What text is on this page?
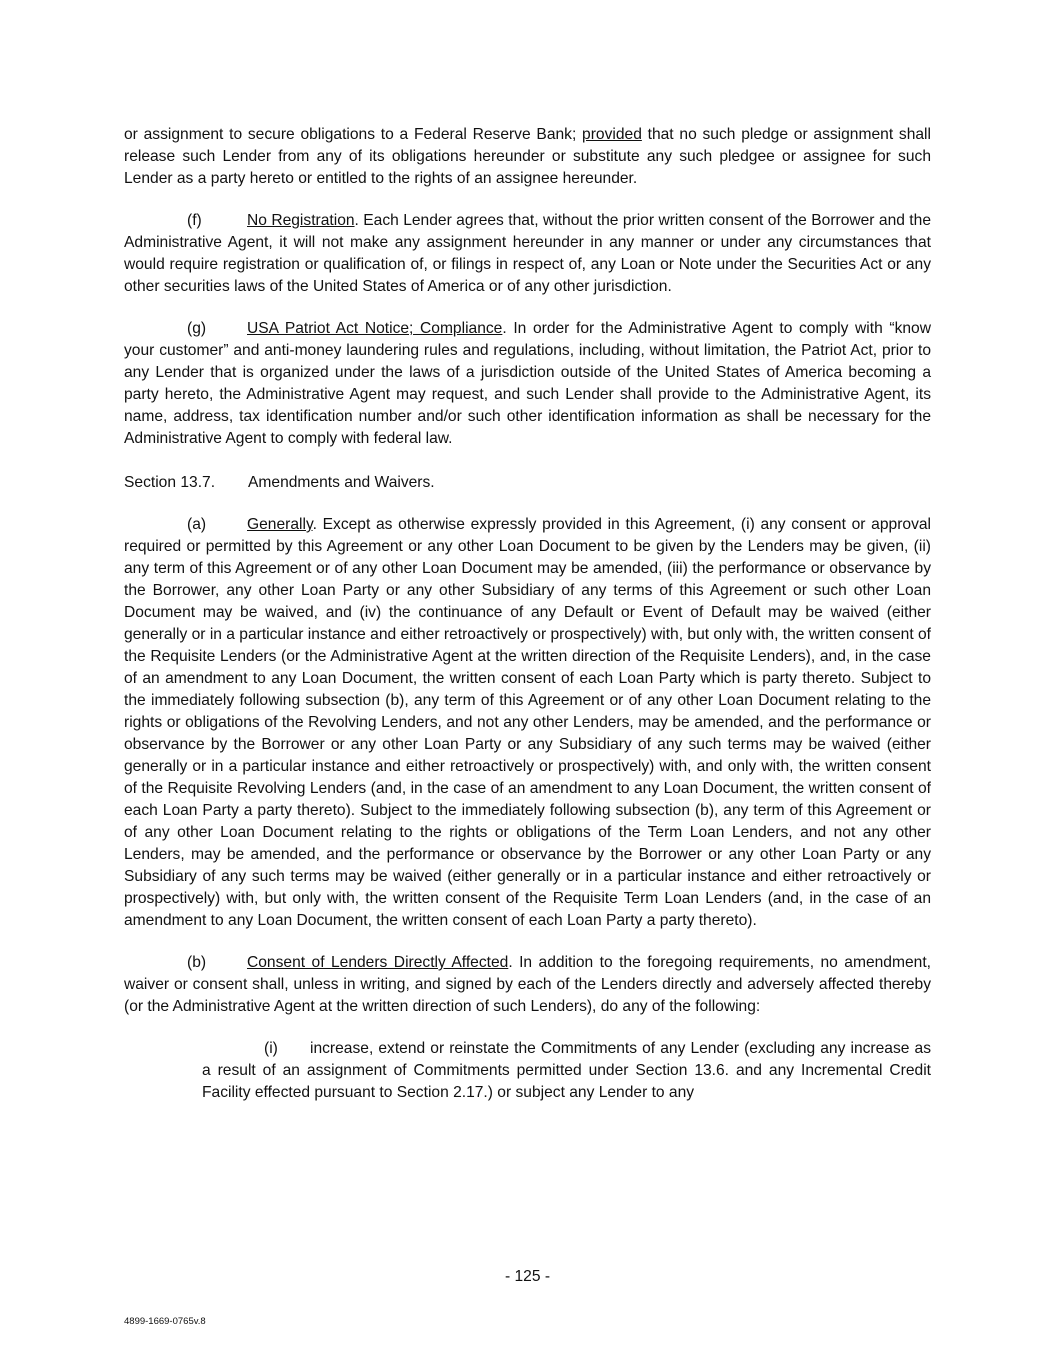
or assignment to secure obligations to a Federal Reserve Bank; provided that no such pledge or assignment shall release such Lender from any of its obligations hereunder or substitute any such pledgee or assignee for such Lender as a party hereto or entitled to the rights of an assignee hereunder.

(f)	No Registration. Each Lender agrees that, without the prior written consent of the Borrower and the Administrative Agent, it will not make any assignment hereunder in any manner or under any circumstances that would require registration or qualification of, or filings in respect of, any Loan or Note under the Securities Act or any other securities laws of the United States of America or of any other jurisdiction.

(g)	USA Patriot Act Notice; Compliance. In order for the Administrative Agent to comply with “know your customer” and anti-money laundering rules and regulations, including, without limitation, the Patriot Act, prior to any Lender that is organized under the laws of a jurisdiction outside of the United States of America becoming a party hereto, the Administrative Agent may request, and such Lender shall provide to the Administrative Agent, its name, address, tax identification number and/or such other identification information as shall be necessary for the Administrative Agent to comply with federal law.

Section 13.7. Amendments and Waivers.

(a)	Generally. Except as otherwise expressly provided in this Agreement, (i) any consent or approval required or permitted by this Agreement or any other Loan Document to be given by the Lenders may be given, (ii) any term of this Agreement or of any other Loan Document may be amended, (iii) the performance or observance by the Borrower, any other Loan Party or any other Subsidiary of any terms of this Agreement or such other Loan Document may be waived, and (iv) the continuance of any Default or Event of Default may be waived (either generally or in a particular instance and either retroactively or prospectively) with, but only with, the written consent of the Requisite Lenders (or the Administrative Agent at the written direction of the Requisite Lenders), and, in the case of an amendment to any Loan Document, the written consent of each Loan Party which is party thereto. Subject to the immediately following subsection (b), any term of this Agreement or of any other Loan Document relating to the rights or obligations of the Revolving Lenders, and not any other Lenders, may be amended, and the performance or observance by the Borrower or any other Loan Party or any Subsidiary of any such terms may be waived (either generally or in a particular instance and either retroactively or prospectively) with, and only with, the written consent of the Requisite Revolving Lenders (and, in the case of an amendment to any Loan Document, the written consent of each Loan Party a party thereto). Subject to the immediately following subsection (b), any term of this Agreement or of any other Loan Document relating to the rights or obligations of the Term Loan Lenders, and not any other Lenders, may be amended, and the performance or observance by the Borrower or any other Loan Party or any Subsidiary of any such terms may be waived (either generally or in a particular instance and either retroactively or prospectively) with, but only with, the written consent of the Requisite Term Loan Lenders (and, in the case of an amendment to any Loan Document, the written consent of each Loan Party a party thereto).

(b)	Consent of Lenders Directly Affected. In addition to the foregoing requirements, no amendment, waiver or consent shall, unless in writing, and signed by each of the Lenders directly and adversely affected thereby (or the Administrative Agent at the written direction of such Lenders), do any of the following:

(i) increase, extend or reinstate the Commitments of any Lender (excluding any increase as a result of an assignment of Commitments permitted under Section 13.6. and any Incremental Credit Facility effected pursuant to Section 2.17.) or subject any Lender to any

- 125 -
4899-1669-0765v.8
